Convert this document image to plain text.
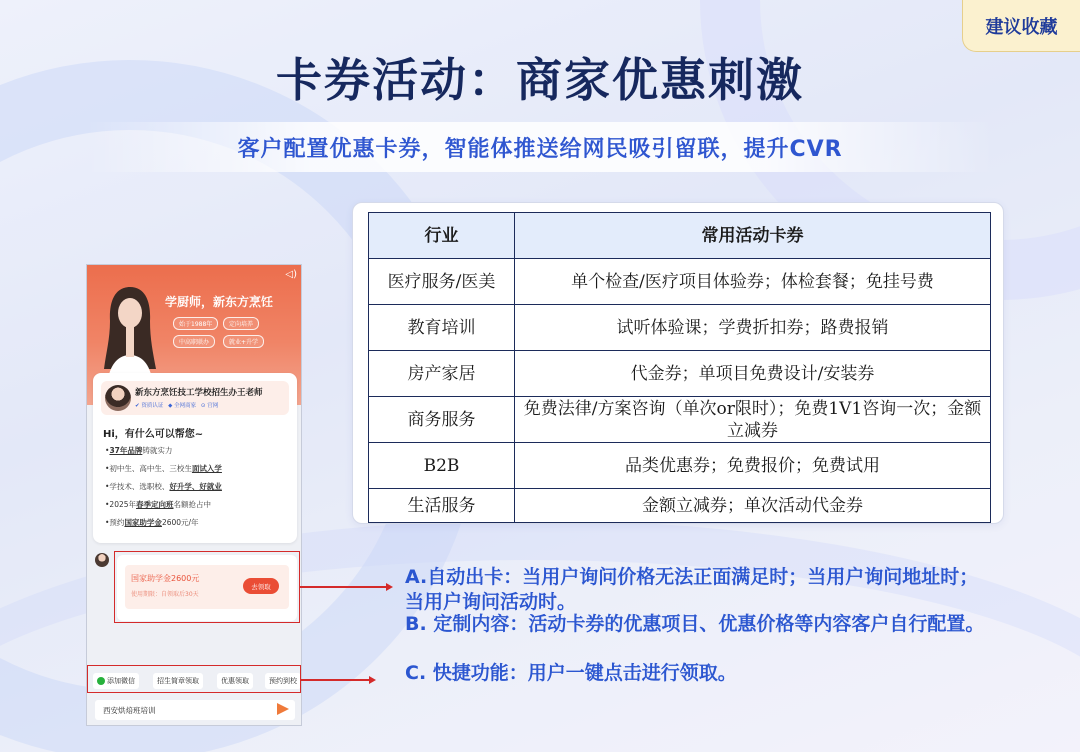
建议收藏
卡券活动：商家优惠刺激
客户配置优惠卡券，智能体推送给网民吸引留联，提升CVR
行业	常用活动卡券
医疗服务/医美	单个检查/医疗项目体验券；体检套餐；免挂号费
教育培训	试听体验课；学费折扣券；路费报销
房产家居	代金券；单项目免费设计/安装券
商务服务	免费法律/方案咨询（单次or限时）；免费1V1咨询一次；金额立减券
B2B	品类优惠券；免费报价；免费试用
生活服务	金额立减券；单次活动代金券
◁)
学厨师，新东方烹饪
始于1988年	定向培养
中高职联办	就业+升学
新东方烹饪技工学校招生办王老师
✔ 资质认证 ◆ 全网商家 ⊙ 官网
Hi，有什么可以帮您~
•37年品牌铸就实力
•初中生、高中生、三校生面试入学
•学技术、选职校、好升学、好就业
•2025年春季定向班名额抢占中
•预约国家助学金2600元/年
国家助学金2600元
使用期限：自领取后30天
去领取
添加微信	招生简章领取	优惠领取	预约到校
西安烘焙班培训
A.自动出卡：当用户询问价格无法正面满足时；当用户询问地址时；
当用户询问活动时。
B. 定制内容：活动卡券的优惠项目、优惠价格等内容客户自行配置。
C. 快捷功能：用户一键点击进行领取。
